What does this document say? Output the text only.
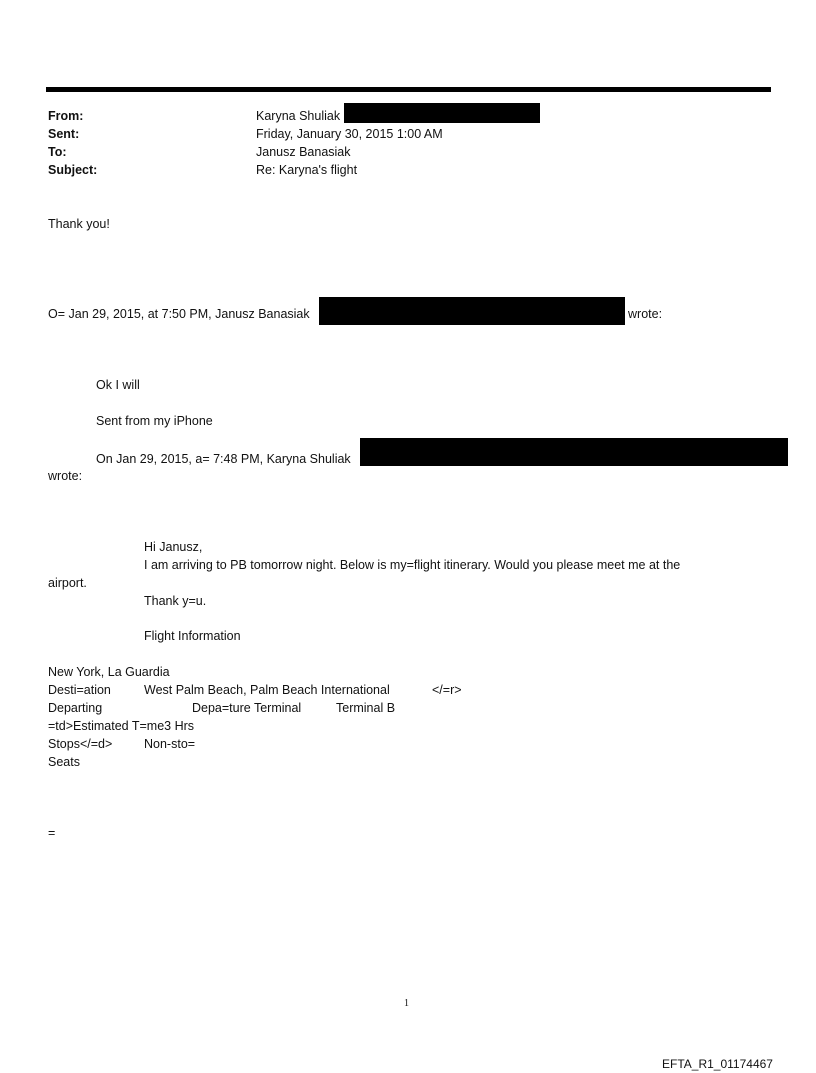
From:	Karyna Shuliak
Sent:	Friday, January 30, 2015 1:00 AM
To:	Janusz Banasiak
Subject:	Re: Karyna's flight
Thank you!
O= Jan 29, 2015, at 7:50 PM, Janusz Banasiak	wrote:
Ok I will
Sent from my iPhone
On Jan 29, 2015, a= 7:48 PM, Karyna Shuliak
wrote:
Hi Janusz,
I am arriving to PB tomorrow night. Below is my=flight itinerary. Would you please meet me at the
airport.
Thank y=u.
Flight Information
New York, La Guardia
Desti=ation	West Palm Beach, Palm Beach International	</=r>
Departing	Depa=ture Terminal	Terminal B
=td>Estimated T=me3 Hrs
Stops</=d>	Non-sto=
Seats
=
1
EFTA_R1_01174467
